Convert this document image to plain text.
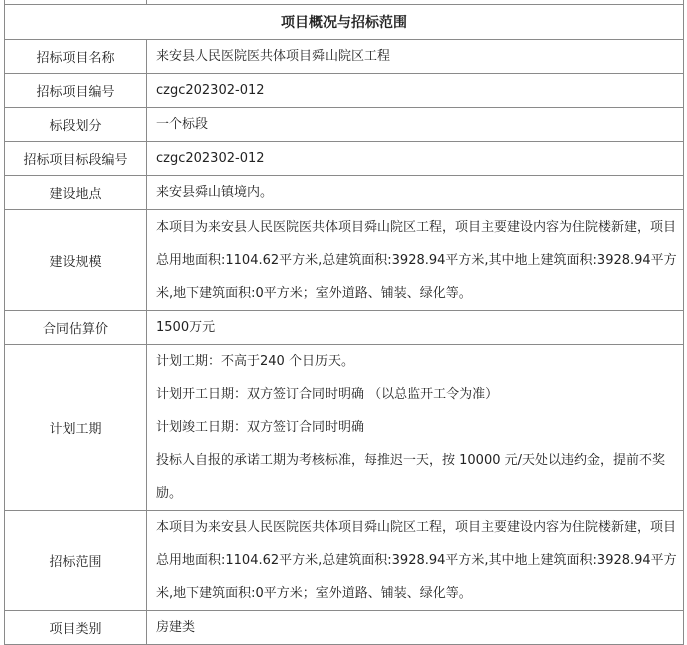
项目概况与招标范围	
招标项目名称	来安县人民医院医共体项目舜山院区工程
招标项目编号	czgc202302-012
标段划分	一个标段
招标项目标段编号	czgc202302-012
建设地点	来安县舜山镇境内。
建设规模	本项目为来安县人民医院医共体项目舜山院区工程，项目主要建设内容为住院楼新建，项目总用地面积:1104.62平方米,总建筑面积:3928.94平方米,其中地上建筑面积:3928.94平方米,地下建筑面积:0平方米；室外道路、铺装、绿化等。
合同估算价	1500万元
计划工期	计划工期：不高于240 个日历天。
计划开工日期：双方签订合同时明确 （以总监开工令为准）
计划竣工日期：双方签订合同时明确
投标人自报的承诺工期为考核标准，每推迟一天，按 10000 元/天处以违约金，提前不奖励。

招标范围	本项目为来安县人民医院医共体项目舜山院区工程，项目主要建设内容为住院楼新建，项目总用地面积:1104.62平方米,总建筑面积:3928.94平方米,其中地上建筑面积:3928.94平方米,地下建筑面积:0平方米；室外道路、铺装、绿化等。
项目类别	房建类
